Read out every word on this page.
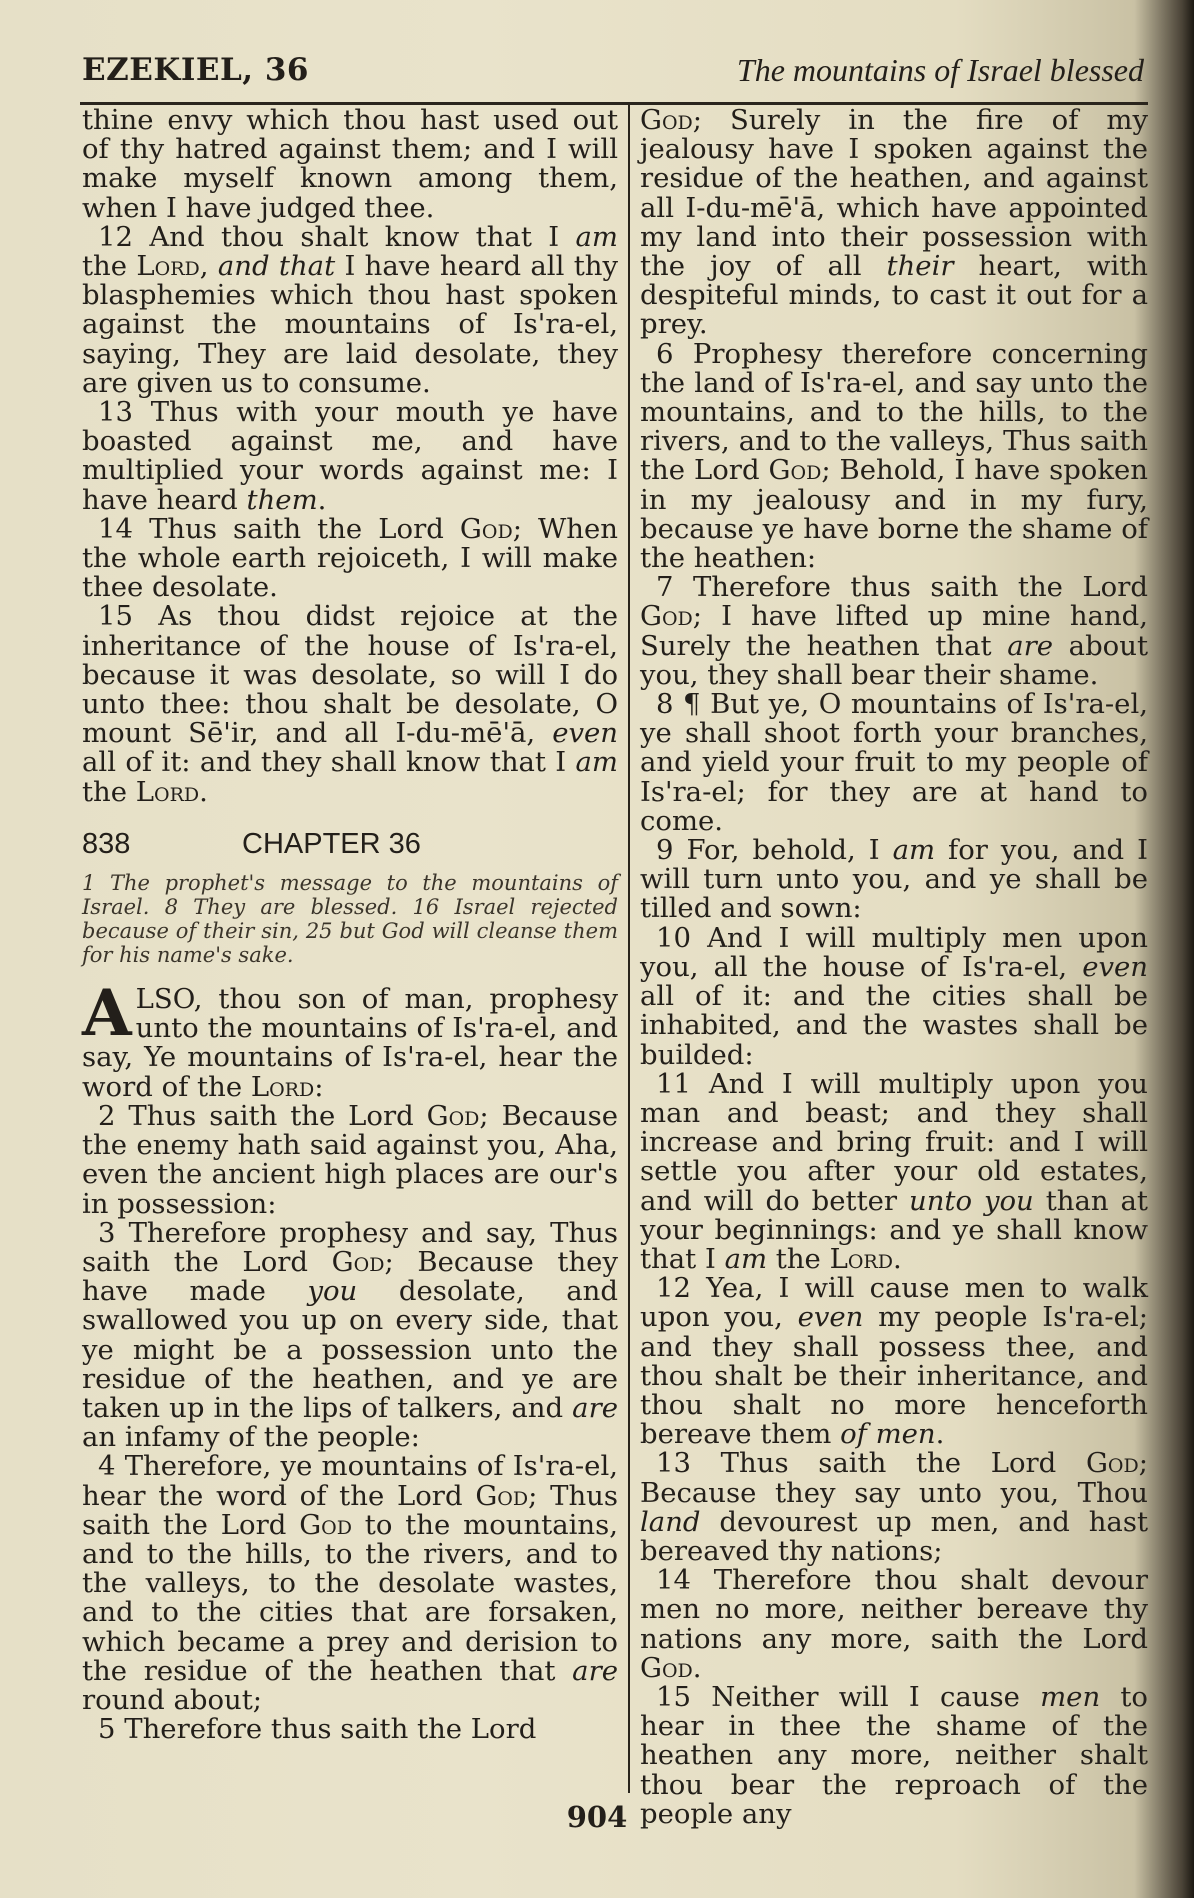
EZEKIEL, 36	The mountains of Israel blessed

thine envy which thou hast used out of thy hatred against them; and I will make myself known among them, when I have judged thee.

12 And thou shalt know that I am the Lord, and that I have heard all thy blasphemies which thou hast spoken against the mountains of Is'ra-el, saying, They are laid desolate, they are given us to consume.

13 Thus with your mouth ye have boasted against me, and have multiplied your words against me: I have heard them.

14 Thus saith the Lord God; When the whole earth rejoiceth, I will make thee desolate.

15 As thou didst rejoice at the inheritance of the house of Is'ra-el, because it was desolate, so will I do unto thee: thou shalt be desolate, O mount Sē'ir, and all I-du-mē'ā, even all of it: and they shall know that I am the Lord.

838	CHAPTER 36
1 The prophet's message to the mountains of Israel. 8 They are blessed. 16 Israel rejected because of their sin, 25 but God will cleanse them for his name's sake.

ALSO, thou son of man, prophesy unto the mountains of Is'ra-el, and say, Ye mountains of Is'ra-el, hear the word of the Lord:

2 Thus saith the Lord God; Because the enemy hath said against you, Aha, even the ancient high places are our's in possession:

3 Therefore prophesy and say, Thus saith the Lord God; Because they have made you desolate, and swallowed you up on every side, that ye might be a possession unto the residue of the heathen, and ye are taken up in the lips of talkers, and are an infamy of the people:

4 Therefore, ye mountains of Is'ra-el, hear the word of the Lord God; Thus saith the Lord God to the mountains, and to the hills, to the rivers, and to the valleys, to the desolate wastes, and to the cities that are forsaken, which became a prey and derision to the residue of the heathen that are round about;

5 Therefore thus saith the Lord

God; Surely in the fire of my jealousy have I spoken against the residue of the heathen, and against all I-du-mē'ā, which have appointed my land into their possession with the joy of all their heart, with despiteful minds, to cast it out for a prey.

6 Prophesy therefore concerning the land of Is'ra-el, and say unto the mountains, and to the hills, to the rivers, and to the valleys, Thus saith the Lord God; Behold, I have spoken in my jealousy and in my fury, because ye have borne the shame of the heathen:

7 Therefore thus saith the Lord God; I have lifted up mine hand, Surely the heathen that are about you, they shall bear their shame.

8 ¶ But ye, O mountains of Is'ra-el, ye shall shoot forth your branches, and yield your fruit to my people of Is'ra-el; for they are at hand to come.

9 For, behold, I am for you, and I will turn unto you, and ye shall be tilled and sown:

10 And I will multiply men upon you, all the house of Is'ra-el, even all of it: and the cities shall be inhabited, and the wastes shall be builded:

11 And I will multiply upon you man and beast; and they shall increase and bring fruit: and I will settle you after your old estates, and will do better unto you than at your beginnings: and ye shall know that I am the Lord.

12 Yea, I will cause men to walk upon you, even my people Is'ra-el; and they shall possess thee, and thou shalt be their inheritance, and thou shalt no more henceforth bereave them of men.

13 Thus saith the Lord God; Because they say unto you, Thou land devourest up men, and hast bereaved thy nations;

14 Therefore thou shalt devour men no more, neither bereave thy nations any more, saith the Lord God.

15 Neither will I cause men to hear in thee the shame of the heathen any more, neither shalt thou bear the reproach of the people any

904
